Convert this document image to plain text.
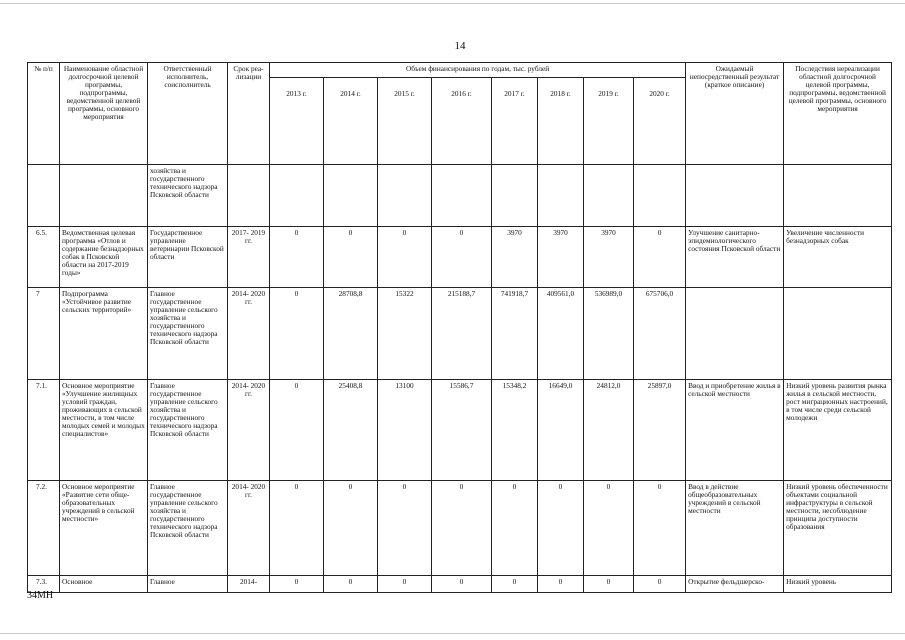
14
№ п/п	Наименование областной долгосрочной целевой программы, подпрограммы, ведомственной целевой программы, основного мероприятия	Ответственный исполнитель, соисполнитель	Срок реа- лизации	Объем финансирования по годам, тыс. рублей								Ожидаемый непосредственный результат (краткое описание)	Последствия нереализации областной долгосрочной целевой программы, подпрограммы, ведомственной целевой программы, основного мероприятия
				2013 г.	2014 г.	2015 г.	2016 г.	2017 г.	2018 г.	2019 г.	2020 г.		
		хозяйства и государственного технического надзора Псковской области											
6.5.	Ведомственная целевая программа «Отлов и содержание безнадзорных собак в Псковской области на 2017-2019 годы»	Государственное управление ветеринарии Псковской области	2017- 2019 гг.	0	0	0	0	3970	3970	3970	0	Улучшение санитарно- эпидемиологического состояния Псковской области	Увеличение численности безнадзорных собак
7	Подпрограмма «Устойчивое развитие сельских территорий»	Главное государственное управление сельского хозяйства и государственного технического надзора Псковской области	2014- 2020 гг.	0	28708,8	15322	215188,7	741918,7	409561,0	536989,0	675706,0		
7.1.	Основное мероприятие «Улучшение жилищных условий граждан, проживающих в сельской местности, в том числе молодых семей и молодых специалистов»	Главное государственное управление сельского хозяйства и государственного технического надзора Псковской области	2014- 2020 гг.	0	25408,8	13100	15586,7	15348,2	16649,0	24812,0	25897,0	Ввод и приобретение жилья в сельской местности	Низкий уровень развития рынка жилья в сельской местности, рост миграционных настроений, в том числе среди сельской молодежи
7.2.	Основное мероприятие «Развитие сети обще- образовательных учреждений в сельской местности»	Главное государственное управление сельского хозяйства и государственного технического надзора Псковской области	2014- 2020 гг.	0	0	0	0	0	0	0	0	Ввод в действие общеобразовательных учреждений в сельской местности	Низкий уровень обеспеченности объектами социальной инфраструктуры в сельской местности, несоблюдение принципа доступности образования
7.3.	Основное	Главное	2014-	0	0	0	0	0	0	0	0	Открытие фельдшерско-	Низкий уровень
34МН
